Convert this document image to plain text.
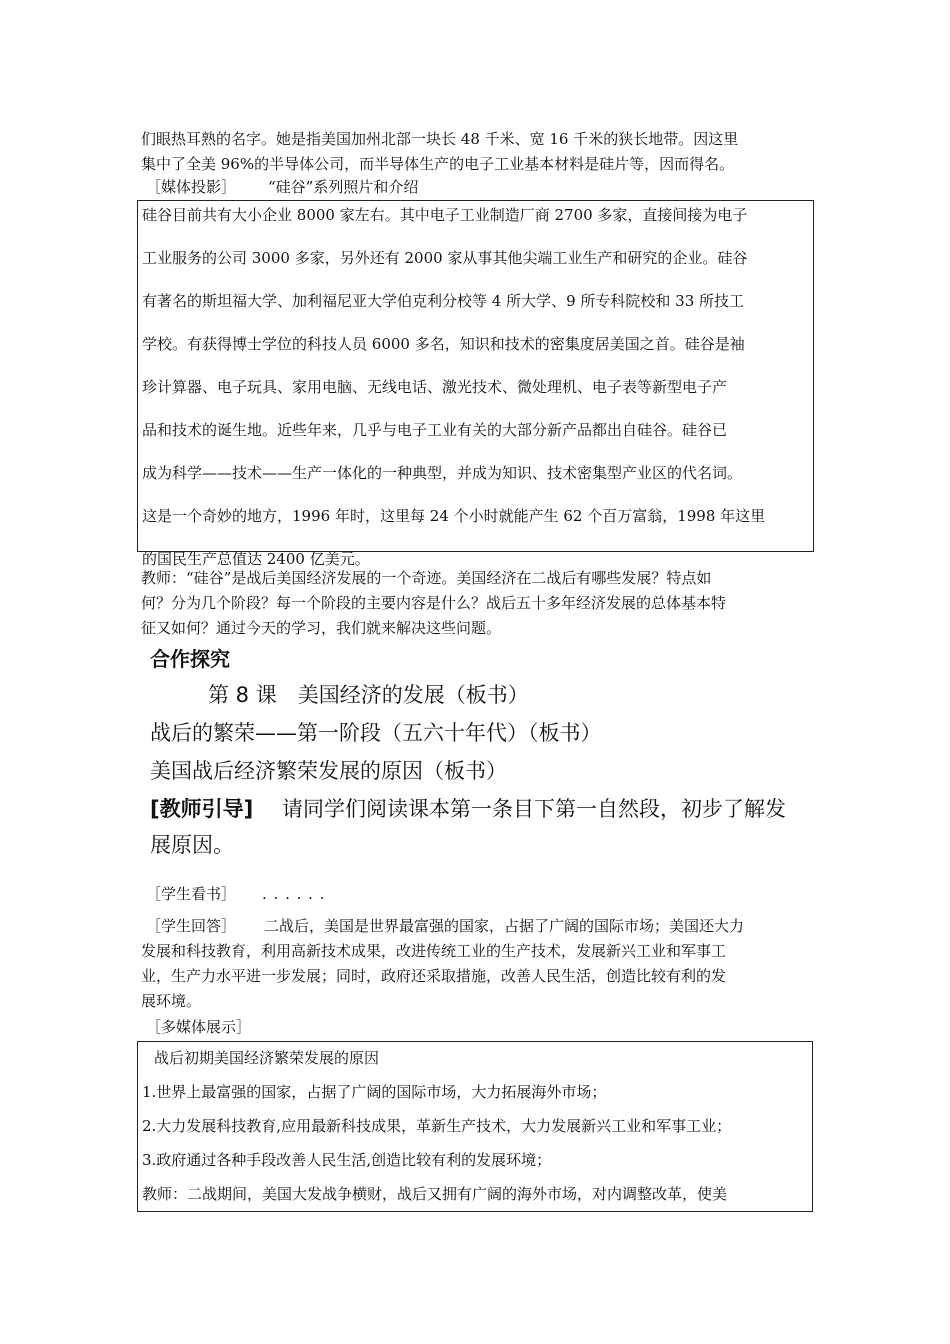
们眼热耳熟的名字。她是指美国加州北部一块长 48 千米、宽 16 千米的狭长地带。因这里
集中了全美 96%的半导体公司，而半导体生产的电子工业基本材料是硅片等，因而得名。
［媒体投影］ “硅谷”系列照片和介绍
硅谷目前共有大小企业 8000 家左右。其中电子工业制造厂商 2700 多家，直接间接为电子
工业服务的公司 3000 多家，另外还有 2000 家从事其他尖端工业生产和研究的企业。硅谷
有著名的斯坦福大学、加利福尼亚大学伯克利分校等 4 所大学、9 所专科院校和 33 所技工
学校。有获得博士学位的科技人员 6000 多名，知识和技术的密集度居美国之首。硅谷是袖
珍计算器、电子玩具、家用电脑、无线电话、激光技术、微处理机、电子表等新型电子产
品和技术的诞生地。近些年来，几乎与电子工业有关的大部分新产品都出自硅谷。硅谷已
成为科学——技术——生产一体化的一种典型，并成为知识、技术密集型产业区的代名词。
这是一个奇妙的地方，1996 年时，这里每 24 个小时就能产生 62 个百万富翁，1998 年这里
的国民生产总值达 2400 亿美元。
教师：“硅谷”是战后美国经济发展的一个奇迹。美国经济在二战后有哪些发展？特点如
何？分为几个阶段？每一个阶段的主要内容是什么？战后五十多年经济发展的总体基本特
征又如何？通过今天的学习，我们就来解决这些问题。
合作探究
第 8 课　美国经济的发展（板书）
战后的繁荣——第一阶段（五六十年代）（板书）
美国战后经济繁荣发展的原因（板书）
[教师引导] 请同学们阅读课本第一条目下第一自然段，初步了解发
展原因。
［学生看书］ . . . . . .
［学生回答］ 二战后，美国是世界最富强的国家，占据了广阔的国际市场；美国还大力
发展和科技教育，利用高新技术成果，改进传统工业的生产技术，发展新兴工业和军事工
业，生产力水平进一步发展；同时，政府还采取措施，改善人民生活，创造比较有利的发
展环境。
［多媒体展示］
战后初期美国经济繁荣发展的原因
1.世界上最富强的国家，占据了广阔的国际市场，大力拓展海外市场；
2.大力发展科技教育,应用最新科技成果，革新生产技术，大力发展新兴工业和军事工业；
3.政府通过各种手段改善人民生活,创造比较有利的发展环境；
教师：二战期间，美国大发战争横财，战后又拥有广阔的海外市场，对内调整改革，使美
